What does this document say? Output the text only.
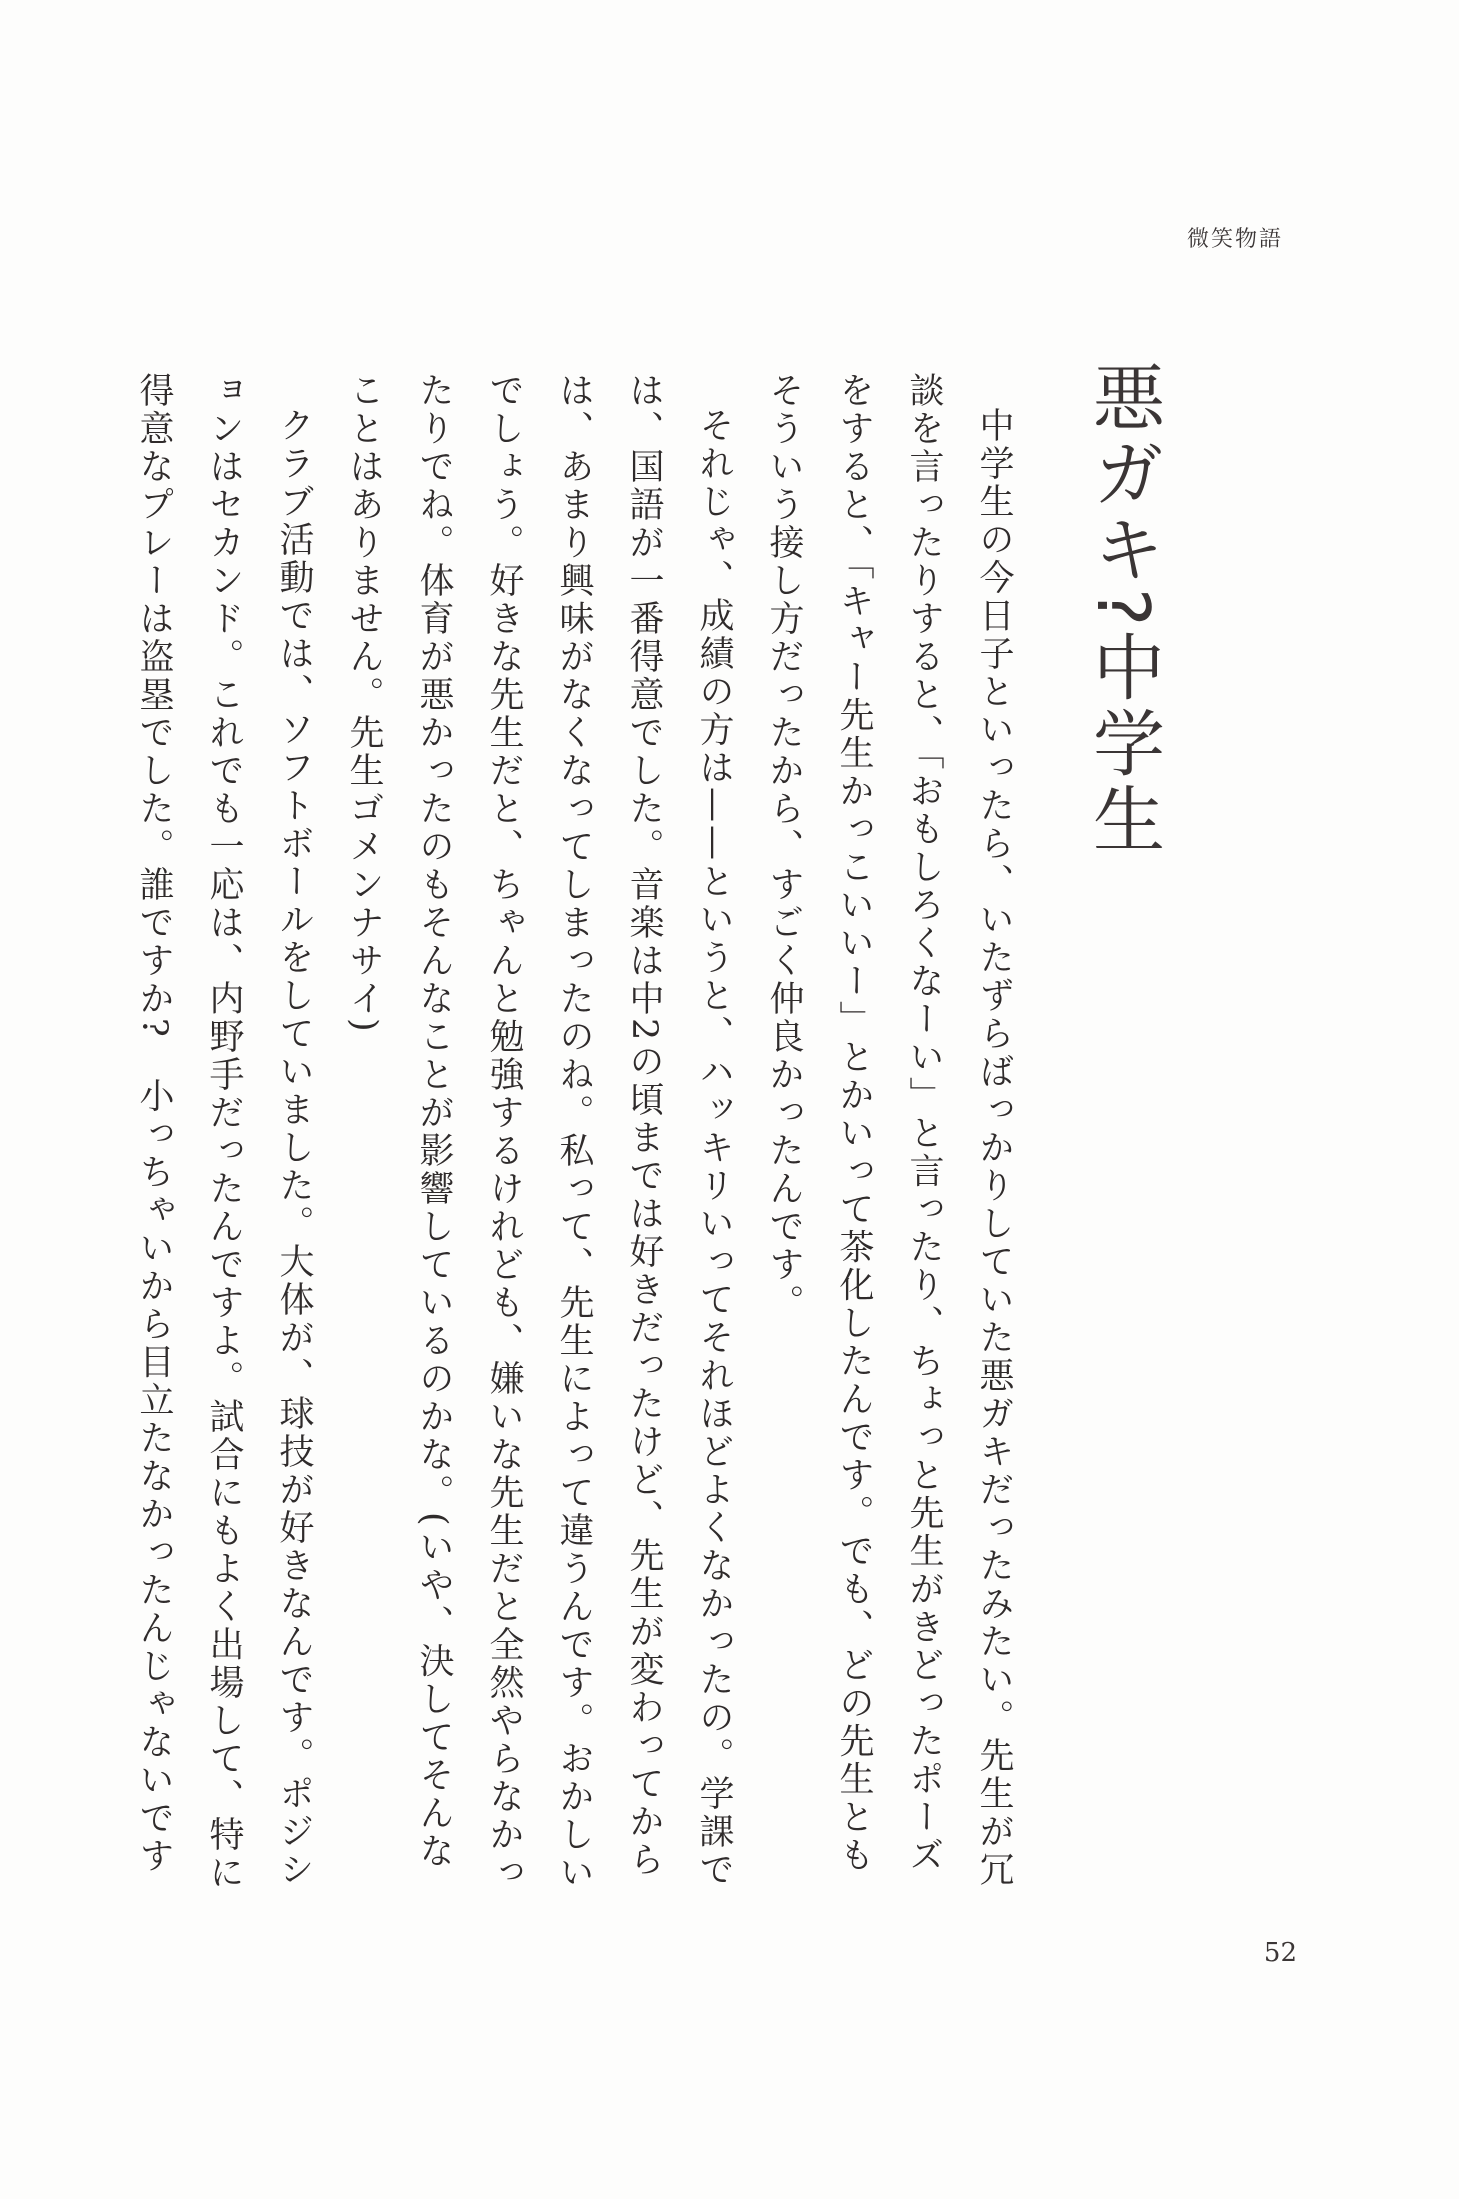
微笑物語
悪ガキ?中学生

中学生の今日子といったら、いたずらばっかりしていた悪ガキだったみたい。先生が冗談を言ったりすると、「おもしろくなーい」と言ったり、ちょっと先生がきどったポーズをすると、「キャー先生かっこいいー」とかいって茶化したんです。でも、どの先生ともそういう接し方だったから、すごく仲良かったんです。

それじゃ、成績の方は——というと、ハッキリいってそれほどよくなかったの。学課では、国語が一番得意でした。音楽は中2の頃までは好きだったけど、先生が変わってからは、あまり興味がなくなってしまったのね。私って、先生によって違うんです。おかしいでしょう。好きな先生だと、ちゃんと勉強するけれども、嫌いな先生だと全然やらなかったりでね。体育が悪かったのもそんなことが影響しているのかな。(いや、決してそんなことはありません。先生ゴメンナサイ)

クラブ活動では、ソフトボールをしていました。大体が、球技が好きなんです。ポジションはセカンド。これでも一応は、内野手だったんですよ。試合にもよく出場して、特に得意なプレーは盗塁でした。誰ですか?　小っちゃいから目立たなかったんじゃないです

52
